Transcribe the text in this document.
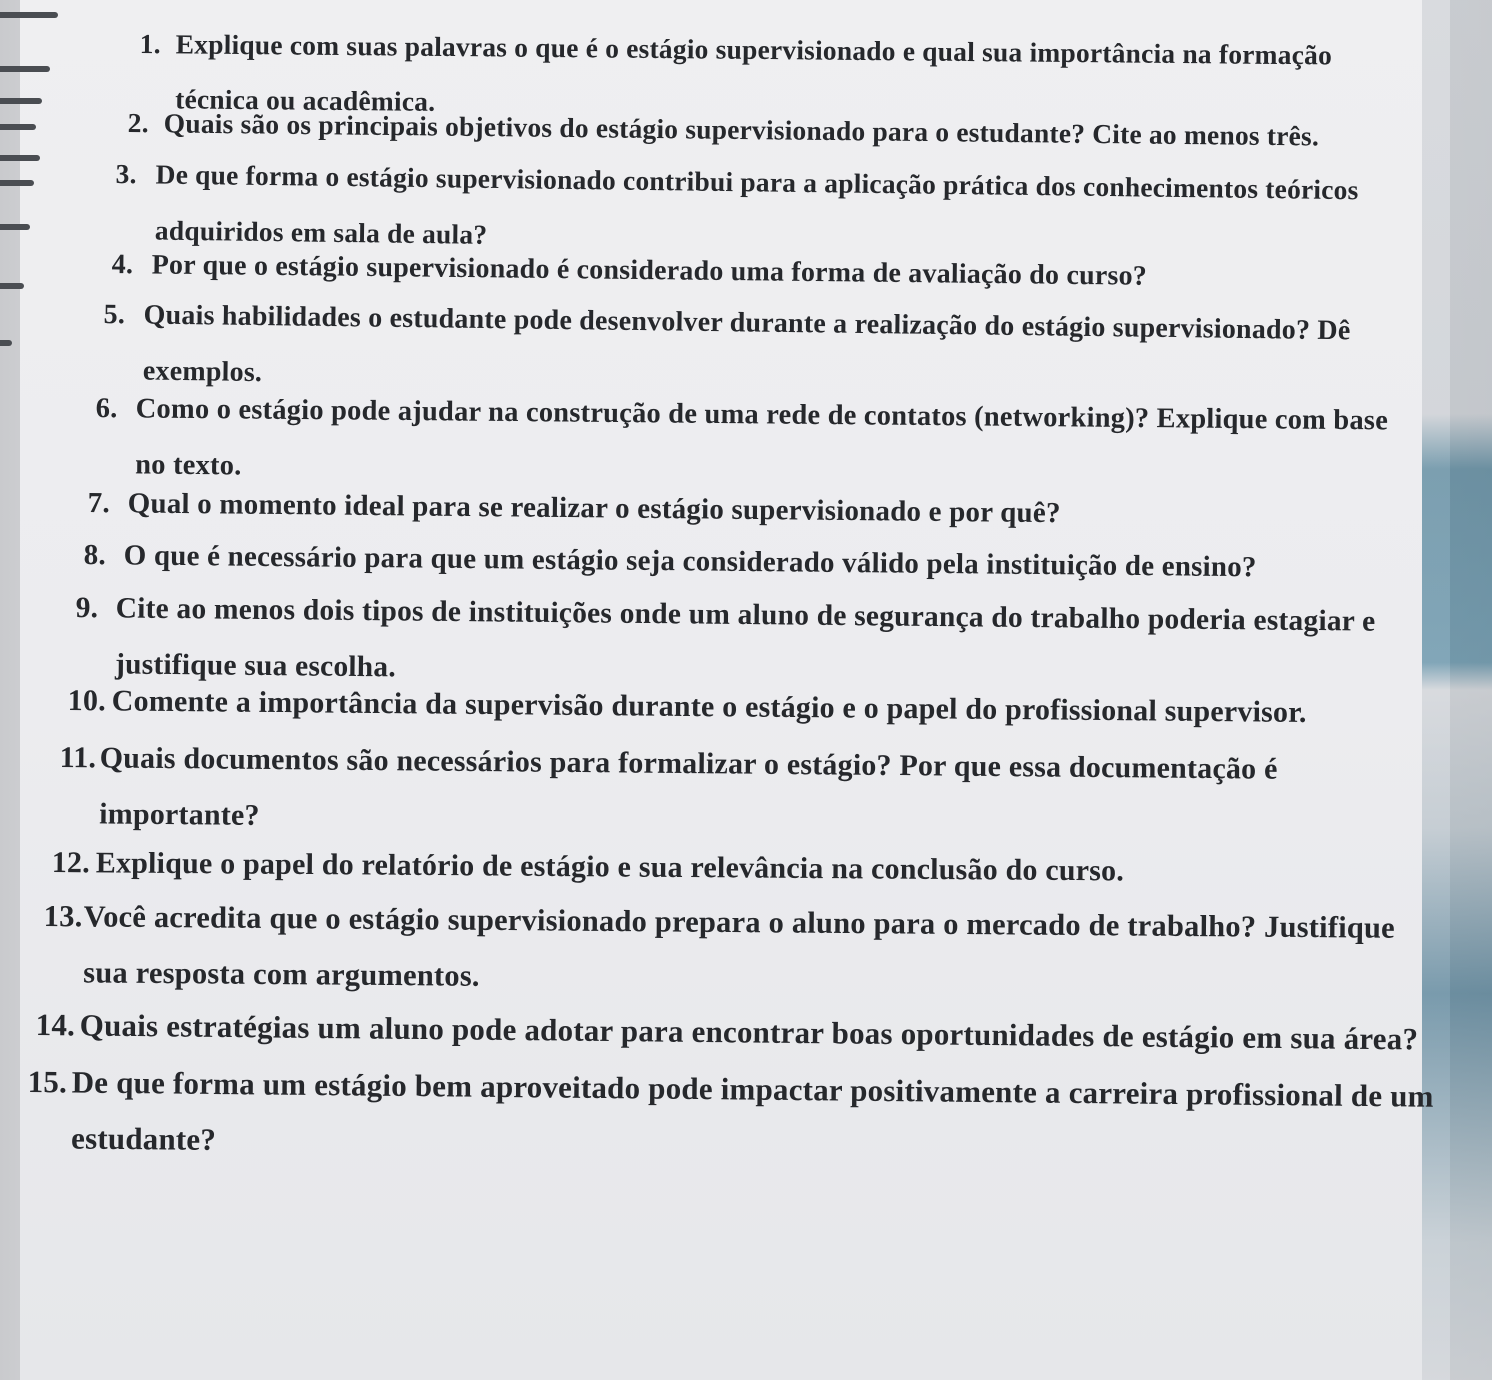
1. Explique com suas palavras o que é o estágio supervisionado e qual sua importância na formação
técnica ou acadêmica.
2. Quais são os principais objetivos do estágio supervisionado para o estudante? Cite ao menos três.
3. De que forma o estágio supervisionado contribui para a aplicação prática dos conhecimentos teóricos
adquiridos em sala de aula?
4. Por que o estágio supervisionado é considerado uma forma de avaliação do curso?
5. Quais habilidades o estudante pode desenvolver durante a realização do estágio supervisionado? Dê
exemplos.
6. Como o estágio pode ajudar na construção de uma rede de contatos (networking)? Explique com base
no texto.
7. Qual o momento ideal para se realizar o estágio supervisionado e por quê?
8. O que é necessário para que um estágio seja considerado válido pela instituição de ensino?
9. Cite ao menos dois tipos de instituições onde um aluno de segurança do trabalho poderia estagiar e
justifique sua escolha.
10. Comente a importância da supervisão durante o estágio e o papel do profissional supervisor.
11. Quais documentos são necessários para formalizar o estágio? Por que essa documentação é
importante?
12. Explique o papel do relatório de estágio e sua relevância na conclusão do curso.
13.Você acredita que o estágio supervisionado prepara o aluno para o mercado de trabalho? Justifique
sua resposta com argumentos.
14. Quais estratégias um aluno pode adotar para encontrar boas oportunidades de estágio em sua área?
15. De que forma um estágio bem aproveitado pode impactar positivamente a carreira profissional de um
estudante?
